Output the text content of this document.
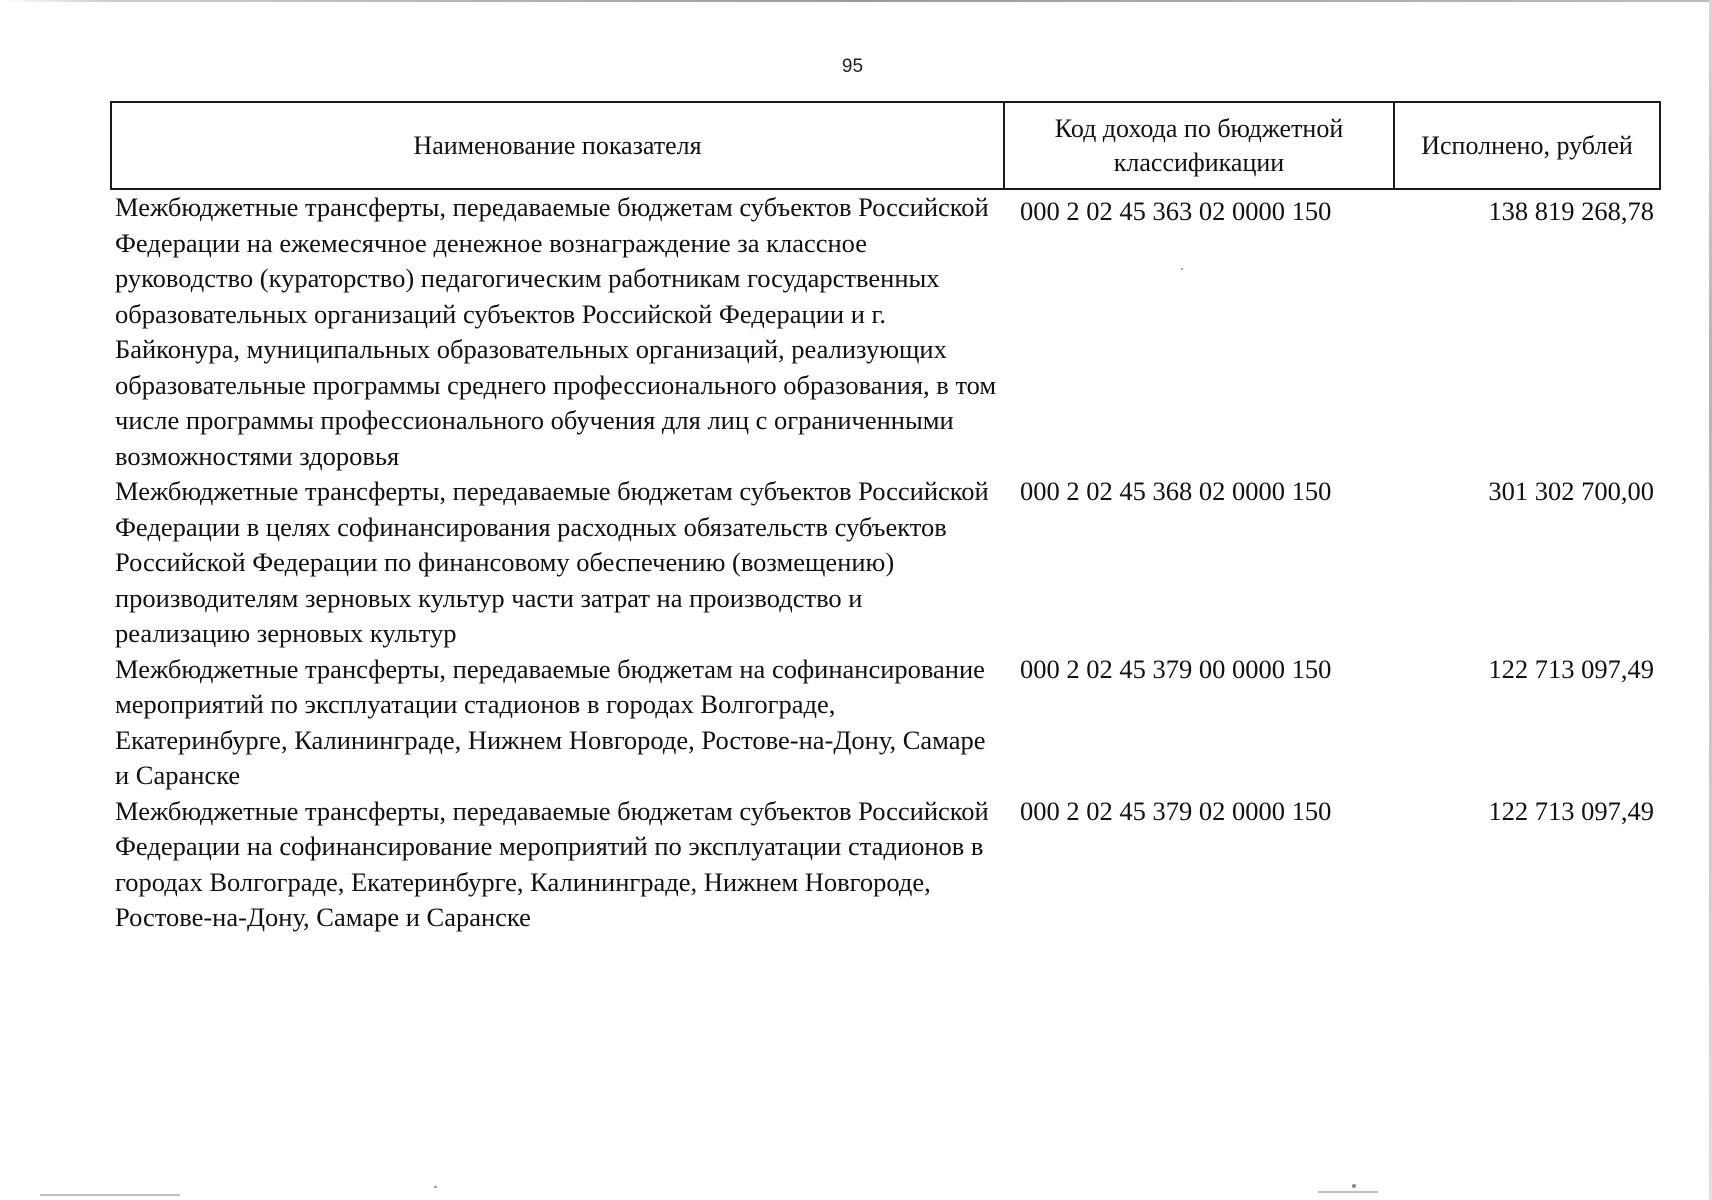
95
Наименование показателя	Код дохода по бюджетной классификации	Исполнено, рублей
Межбюджетные трансферты, передаваемые бюджетам субъектов Российской Федерации на ежемесячное денежное вознаграждение за классное руководство (кураторство) педагогическим работникам государственных образовательных организаций субъектов Российской Федерации и г. Байконура, муниципальных образовательных организаций, реализующих образовательные программы среднего профессионального образования, в том числе программы профессионального обучения для лиц с ограниченными возможностями здоровья	000 2 02 45 363 02 0000 150	138 819 268,78
Межбюджетные трансферты, передаваемые бюджетам субъектов Российской Федерации в целях софинансирования расходных обязательств субъектов Российской Федерации по финансовому обеспечению (возмещению) производителям зерновых культур части затрат на производство и реализацию зерновых культур	000 2 02 45 368 02 0000 150	301 302 700,00
Межбюджетные трансферты, передаваемые бюджетам на софинансирование мероприятий по эксплуатации стадионов в городах Волгограде, Екатеринбурге, Калининграде, Нижнем Новгороде, Ростове-на-Дону, Самаре и Саранске	000 2 02 45 379 00 0000 150	122 713 097,49
Межбюджетные трансферты, передаваемые бюджетам субъектов Российской Федерации на софинансирование мероприятий по эксплуатации стадионов в городах Волгограде, Екатеринбурге, Калининграде, Нижнем Новгороде, Ростове-на-Дону, Самаре и Саранске	000 2 02 45 379 02 0000 150	122 713 097,49
